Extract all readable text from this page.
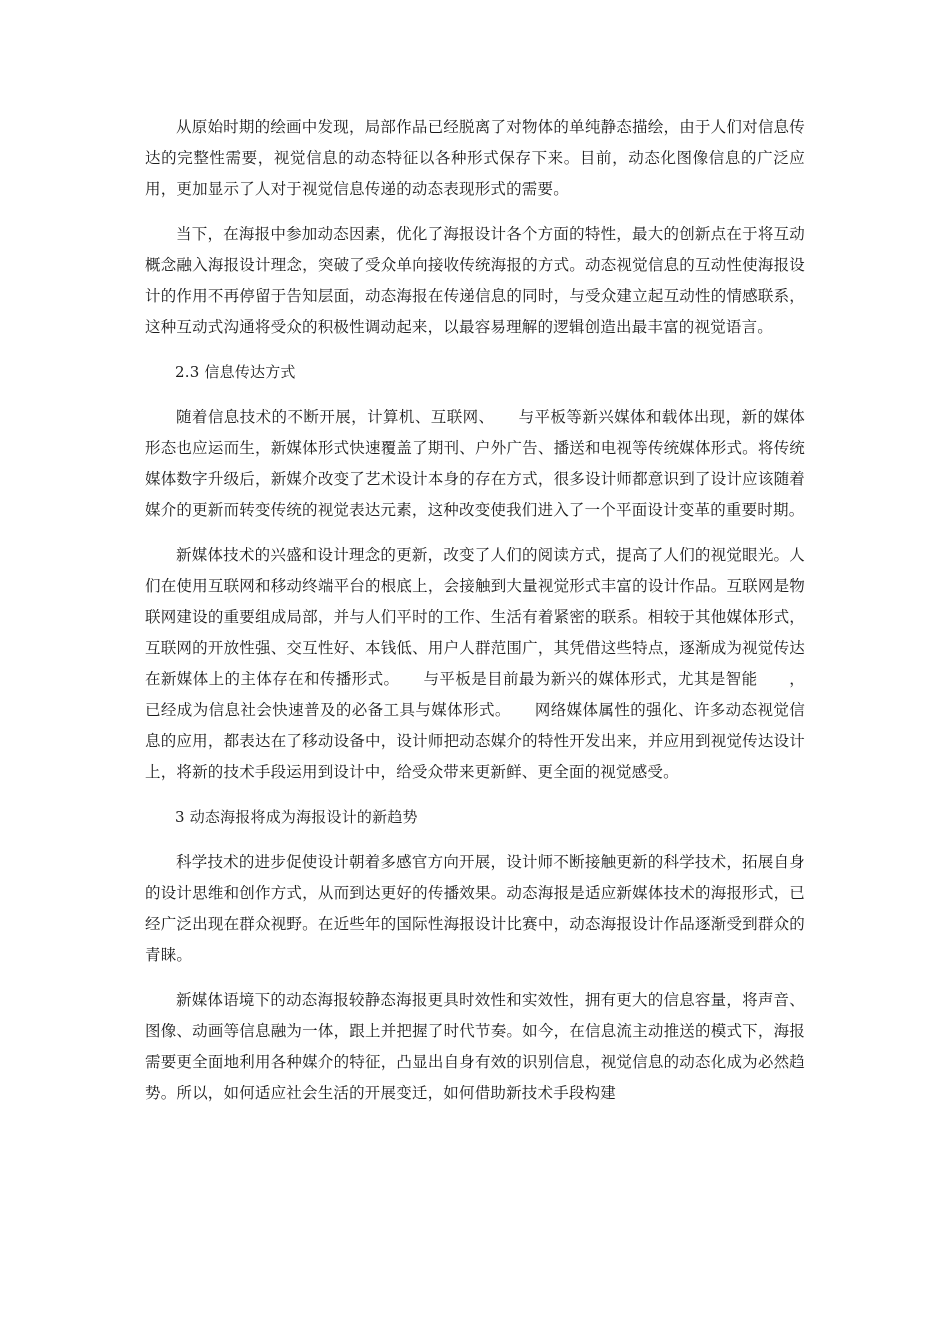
从原始时期的绘画中发现，局部作品已经脱离了对物体的单纯静态描绘，由于人们对信息传达的完整性需要，视觉信息的动态特征以各种形式保存下来。目前，动态化图像信息的广泛应用，更加显示了人对于视觉信息传递的动态表现形式的需要。

当下，在海报中参加动态因素，优化了海报设计各个方面的特性，最大的创新点在于将互动概念融入海报设计理念，突破了受众单向接收传统海报的方式。动态视觉信息的互动性使海报设计的作用不再停留于告知层面，动态海报在传递信息的同时，与受众建立起互动性的情感联系，这种互动式沟通将受众的积极性调动起来，以最容易理解的逻辑创造出最丰富的视觉语言。

2.3 信息传达方式

随着信息技术的不断开展，计算机、互联网、　　与平板等新兴媒体和载体出现，新的媒体形态也应运而生，新媒体形式快速覆盖了期刊、户外广告、播送和电视等传统媒体形式。将传统媒体数字升级后，新媒介改变了艺术设计本身的存在方式，很多设计师都意识到了设计应该随着媒介的更新而转变传统的视觉表达元素，这种改变使我们进入了一个平面设计变革的重要时期。

新媒体技术的兴盛和设计理念的更新，改变了人们的阅读方式，提高了人们的视觉眼光。人们在使用互联网和移动终端平台的根底上，会接触到大量视觉形式丰富的设计作品。互联网是物联网建设的重要组成局部，并与人们平时的工作、生活有着紧密的联系。相较于其他媒体形式，互联网的开放性强、交互性好、本钱低、用户人群范围广，其凭借这些特点，逐渐成为视觉传达在新媒体上的主体存在和传播形式。　　与平板是目前最为新兴的媒体形式，尤其是智能　　，已经成为信息社会快速普及的必备工具与媒体形式。　　网络媒体属性的强化、许多动态视觉信息的应用，都表达在了移动设备中，设计师把动态媒介的特性开发出来，并应用到视觉传达设计上，将新的技术手段运用到设计中，给受众带来更新鲜、更全面的视觉感受。

3 动态海报将成为海报设计的新趋势

科学技术的进步促使设计朝着多感官方向开展，设计师不断接触更新的科学技术，拓展自身的设计思维和创作方式，从而到达更好的传播效果。动态海报是适应新媒体技术的海报形式，已经广泛出现在群众视野。在近些年的国际性海报设计比赛中，动态海报设计作品逐渐受到群众的青睐。

新媒体语境下的动态海报较静态海报更具时效性和实效性，拥有更大的信息容量，将声音、图像、动画等信息融为一体，跟上并把握了时代节奏。如今，在信息流主动推送的模式下，海报需要更全面地利用各种媒介的特征，凸显出自身有效的识别信息，视觉信息的动态化成为必然趋势。所以，如何适应社会生活的开展变迁，如何借助新技术手段构建
